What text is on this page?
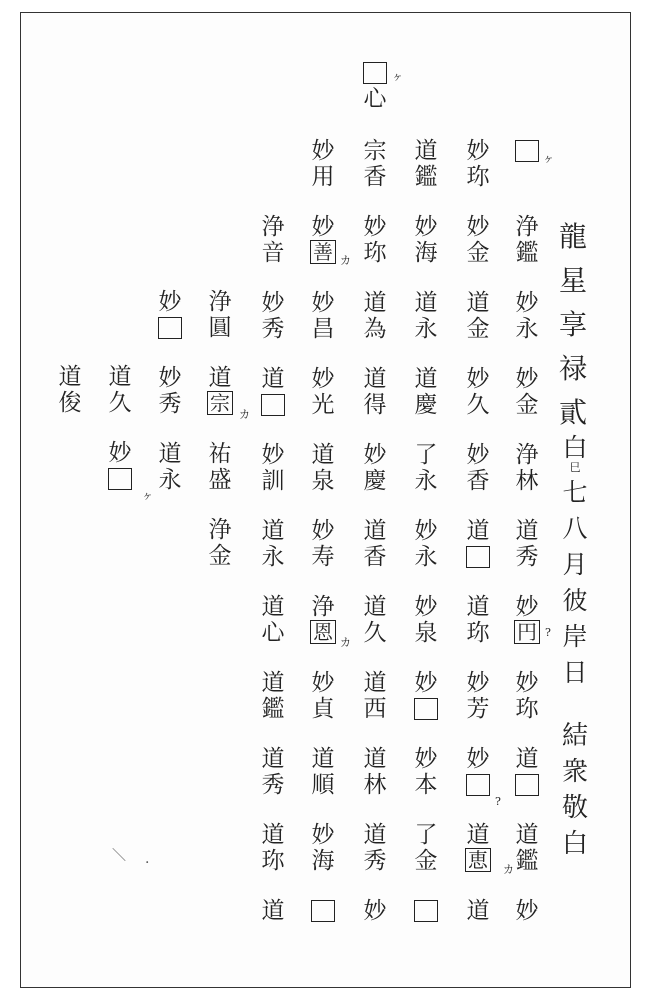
龍
星
享
禄
貳
白
巳
七
八
月
彼
岸
日
結
衆
敬
白
浄
鑑
妙
永
妙
金
浄
林
道
秀
妙
円
妙
珎
道
道
鑑
妙
妙
珎
妙
金
道
金
妙
久
妙
香
道
道
珎
妙
芳
妙
道
恵
道
道
鑑
妙
海
道
永
道
慶
了
永
妙
永
妙
泉
妙
妙
本
了
金
宗
香
妙
珎
道
為
道
得
妙
慶
道
香
道
久
道
西
道
林
道
秀
妙
妙
用
妙
善
妙
昌
妙
光
道
泉
妙
寿
浄
恩
妙
貞
道
順
妙
海
浄
音
妙
秀
道
妙
訓
道
永
道
心
道
鑑
道
秀
道
珎
道
浄
圓
道
宗
祐
盛
浄
金
妙
妙
秀
道
永
道
久
妙
道
俊
心
＼ ·
ヶ
ヶ
ヶ
カ
カ
カ
カ
?
?
